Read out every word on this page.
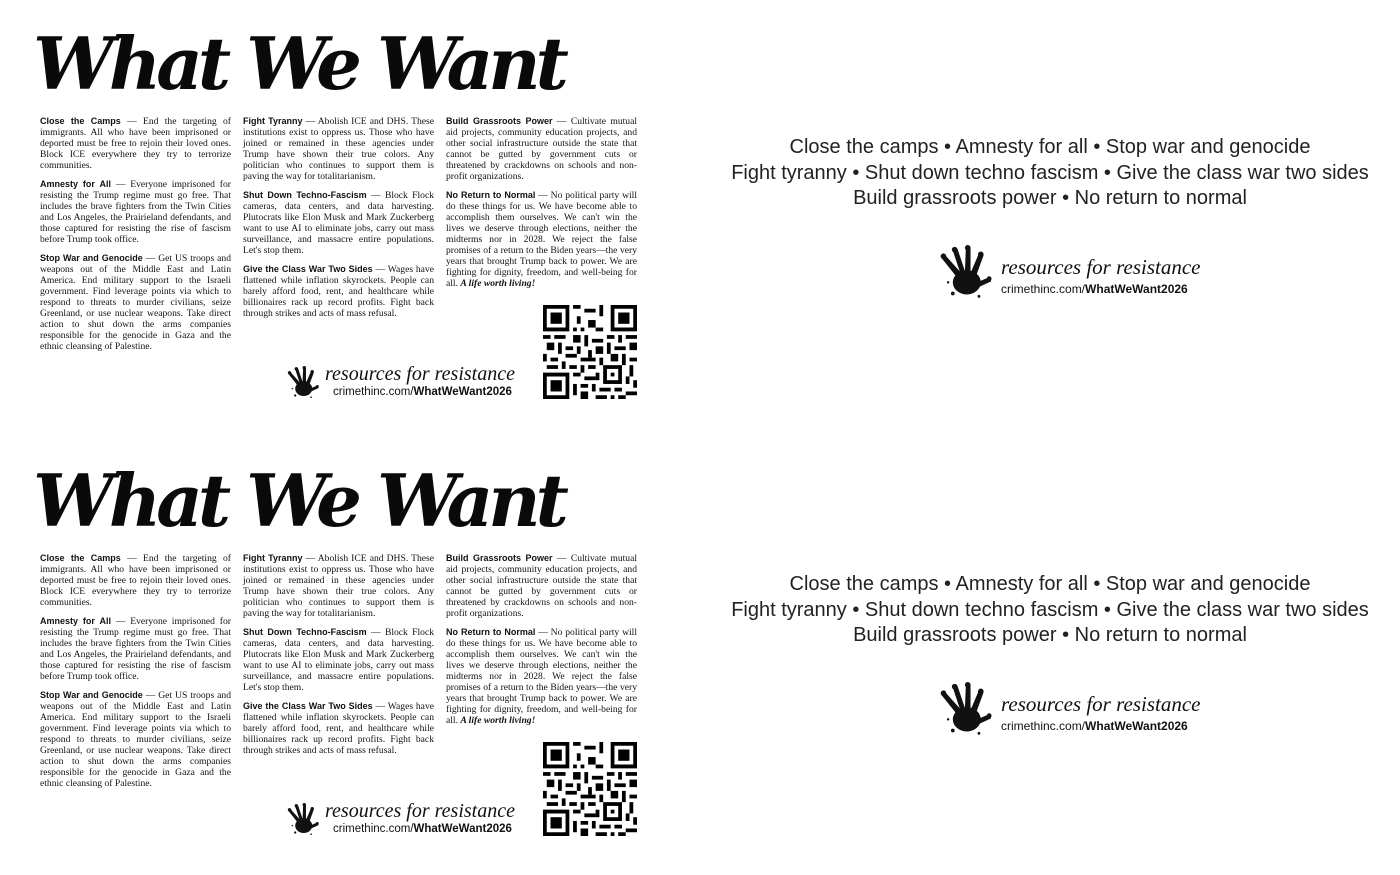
What We Want

Close the Camps — End the targeting of immigrants. All who have been imprisoned or deported must be free to rejoin their loved ones. Block ICE everywhere they try to terrorize communities.

Amnesty for All — Everyone imprisoned for resisting the Trump regime must go free. That includes the brave fighters from the Twin Cities and Los Angeles, the Prairieland defendants, and those captured for resisting the rise of fascism before Trump took office.

Stop War and Genocide — Get US troops and weapons out of the Middle East and Latin America. End military support to the Israeli government. Find leverage points via which to respond to threats to murder civilians, seize Greenland, or use nuclear weapons. Take direct action to shut down the arms companies responsible for the genocide in Gaza and the ethnic cleansing of Palestine.

Fight Tyranny — Abolish ICE and DHS. These institutions exist to oppress us. Those who have joined or remained in these agencies under Trump have shown their true colors. Any politician who continues to support them is paving the way for totalitarianism.

Shut Down Techno-Fascism — Block Flock cameras, data centers, and data harvesting. Plutocrats like Elon Musk and Mark Zuckerberg want to use AI to eliminate jobs, carry out mass surveillance, and massacre entire populations. Let's stop them.

Give the Class War Two Sides — Wages have flattened while inflation skyrockets. People can barely afford food, rent, and healthcare while billionaires rack up record profits. Fight back through strikes and acts of mass refusal.

Build Grassroots Power — Cultivate mutual aid projects, community education projects, and other social infrastructure outside the state that cannot be gutted by government cuts or threatened by crackdowns on schools and non-profit organizations.

No Return to Normal — No political party will do these things for us. We have become able to accomplish them ourselves. We can't win the lives we deserve through elections, neither the midterms nor in 2028. We reject the false promises of a return to the Biden years—the very years that brought Trump back to power. We are fighting for dignity, freedom, and well-being for all. A life worth living!

resources for resistance
crimethinc.com/WhatWeWant2026
What We Want

Close the Camps — End the targeting of immigrants. All who have been imprisoned or deported must be free to rejoin their loved ones. Block ICE everywhere they try to terrorize communities.

Amnesty for All — Everyone imprisoned for resisting the Trump regime must go free. That includes the brave fighters from the Twin Cities and Los Angeles, the Prairieland defendants, and those captured for resisting the rise of fascism before Trump took office.

Stop War and Genocide — Get US troops and weapons out of the Middle East and Latin America. End military support to the Israeli government. Find leverage points via which to respond to threats to murder civilians, seize Greenland, or use nuclear weapons. Take direct action to shut down the arms companies responsible for the genocide in Gaza and the ethnic cleansing of Palestine.

Fight Tyranny — Abolish ICE and DHS. These institutions exist to oppress us. Those who have joined or remained in these agencies under Trump have shown their true colors. Any politician who continues to support them is paving the way for totalitarianism.

Shut Down Techno-Fascism — Block Flock cameras, data centers, and data harvesting. Plutocrats like Elon Musk and Mark Zuckerberg want to use AI to eliminate jobs, carry out mass surveillance, and massacre entire populations. Let's stop them.

Give the Class War Two Sides — Wages have flattened while inflation skyrockets. People can barely afford food, rent, and healthcare while billionaires rack up record profits. Fight back through strikes and acts of mass refusal.

Build Grassroots Power — Cultivate mutual aid projects, community education projects, and other social infrastructure outside the state that cannot be gutted by government cuts or threatened by crackdowns on schools and non-profit organizations.

No Return to Normal — No political party will do these things for us. We have become able to accomplish them ourselves. We can't win the lives we deserve through elections, neither the midterms nor in 2028. We reject the false promises of a return to the Biden years—the very years that brought Trump back to power. We are fighting for dignity, freedom, and well-being for all. A life worth living!

resources for resistance
crimethinc.com/WhatWeWant2026
Close the camps • Amnesty for all • Stop war and genocide
Fight tyranny • Shut down techno fascism • Give the class war two sides
Build grassroots power • No return to normal
resources for resistance
crimethinc.com/WhatWeWant2026
Close the camps • Amnesty for all • Stop war and genocide
Fight tyranny • Shut down techno fascism • Give the class war two sides
Build grassroots power • No return to normal
resources for resistance
crimethinc.com/WhatWeWant2026
